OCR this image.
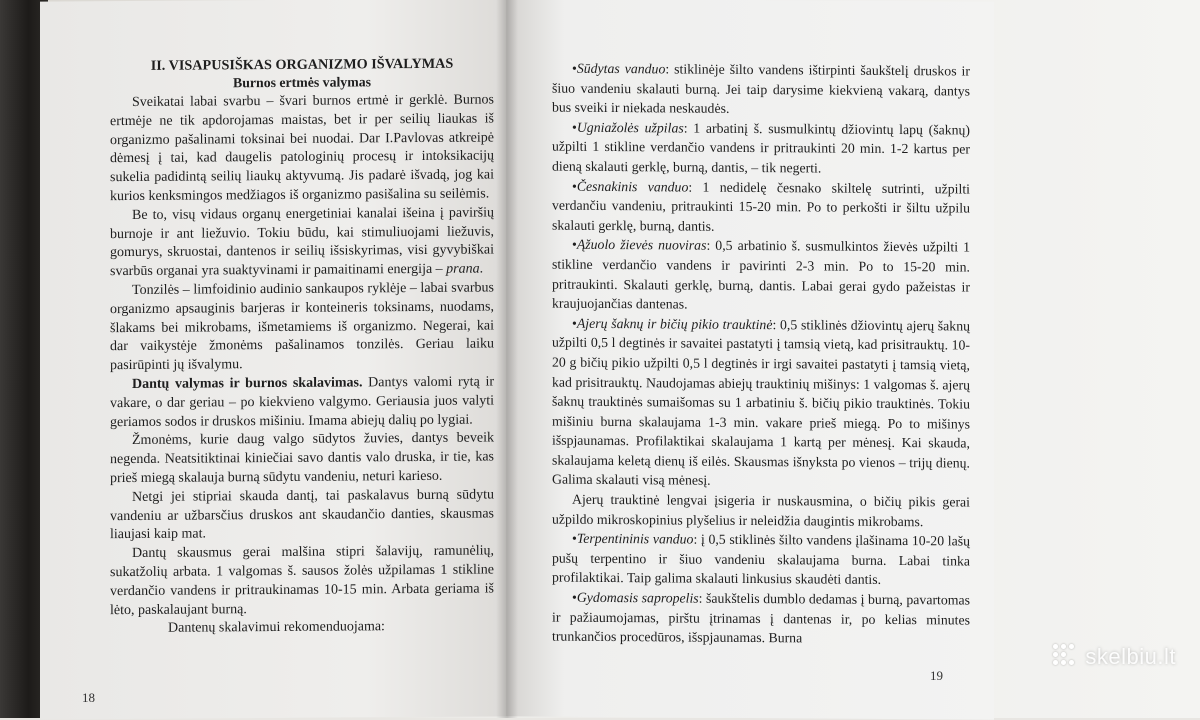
II. VISAPUSIŠKAS ORGANIZMO IŠVALYMAS

Burnos ertmės valymas

Sveikatai labai svarbu – švari burnos ertmė ir gerklė. Burnos ertmėje ne tik apdorojamas maistas, bet ir per seilių liaukas iš organizmo pašalinami toksinai bei nuodai. Dar I.Pavlovas atkreipė dėmesį į tai, kad daugelis patologinių procesų ir intoksikacijų sukelia padidintą seilių liaukų aktyvumą. Jis padarė išvadą, jog kai kurios kenksmingos medžiagos iš organizmo pasišalina su seilėmis.

Be to, visų vidaus organų energetiniai kanalai išeina į paviršių burnoje ir ant liežuvio. Tokiu būdu, kai stimuliuojami liežuvis, gomurys, skruostai, dantenos ir seilių išsiskyrimas, visi gyvybiškai svarbūs organai yra suaktyvinami ir pamaitinami energija – prana.

Tonzilės – limfoidinio audinio sankaupos ryklėje – labai svarbus organizmo apsauginis barjeras ir konteineris toksinams, nuodams, šlakams bei mikrobams, išmetamiems iš organizmo. Negerai, kai dar vaikystėje žmonėms pašalinamos tonzilės. Geriau laiku pasirūpinti jų išvalymu.

Dantų valymas ir burnos skalavimas. Dantys valomi rytą ir vakare, o dar geriau – po kiekvieno valgymo. Geriausia juos valyti geriamos sodos ir druskos mišiniu. Imama abiejų dalių po lygiai.

Žmonėms, kurie daug valgo sūdytos žuvies, dantys beveik negenda. Neatsitiktinai kiniečiai savo dantis valo druska, ir tie, kas prieš miegą skalauja burną sūdytu vandeniu, neturi karieso.

Netgi jei stipriai skauda dantį, tai paskalavus burną sūdytu vandeniu ar užbarsčius druskos ant skaudančio danties, skausmas liaujasi kaip mat.

Dantų skausmus gerai malšina stipri šalavijų, ramunėlių, sukatžolių arbata. 1 valgomas š. sausos žolės užpilamas 1 stikline verdančio vandens ir pritraukinamas 10-15 min. Arbata geriama iš lėto, paskalaujant burną.

Dantenų skalavimui rekomenduojama:

18

•Sūdytas vanduo: stiklinėje šilto vandens ištirpinti šaukštelį druskos ir šiuo vandeniu skalauti burną. Jei taip darysime kiekvieną vakarą, dantys bus sveiki ir niekada neskaudės.

•Ugniažolės užpilas: 1 arbatinį š. susmulkintų džiovintų lapų (šaknų) užpilti 1 stikline verdančio vandens ir pritraukinti 20 min. 1-2 kartus per dieną skalauti gerklę, burną, dantis, – tik negerti.

•Česnakinis vanduo: 1 nedidelę česnako skiltelę sutrinti, užpilti verdančiu vandeniu, pritraukinti 15-20 min. Po to perkošti ir šiltu užpilu skalauti gerklę, burną, dantis.

•Ąžuolo žievės nuoviras: 0,5 arbatinio š. susmulkintos žievės užpilti 1 stikline verdančio vandens ir pavirinti 2-3 min. Po to 15-20 min. pritraukinti. Skalauti gerklę, burną, dantis. Labai gerai gydo pažeistas ir kraujuojančias dantenas.

•Ajerų šaknų ir bičių pikio trauktinė: 0,5 stiklinės džiovintų ajerų šaknų užpilti 0,5 l degtinės ir savaitei pastatyti į tamsią vietą, kad prisitrauktų. 10-20 g bičių pikio užpilti 0,5 l degtinės ir irgi savaitei pastatyti į tamsią vietą, kad prisitrauktų. Naudojamas abiejų trauktinių mišinys: 1 valgomas š. ajerų šaknų trauktinės sumaišomas su 1 arbatiniu š. bičių pikio trauktinės. Tokiu mišiniu burna skalaujama 1-3 min. vakare prieš miegą. Po to mišinys išspjaunamas. Profilaktikai skalaujama 1 kartą per mėnesį. Kai skauda, skalaujama keletą dienų iš eilės. Skausmas išnyksta po vienos – trijų dienų. Galima skalauti visą mėnesį.

Ajerų trauktinė lengvai įsigeria ir nuskausmina, o bičių pikis gerai užpildo mikroskopinius plyšelius ir neleidžia daugintis mikrobams.

•Terpentininis vanduo: į 0,5 stiklinės šilto vandens įlašinama 10-20 lašų pušų terpentino ir šiuo vandeniu skalaujama burna. Labai tinka profilaktikai. Taip galima skalauti linkusius skaudėti dantis.

•Gydomasis sapropelis: šaukštelis dumblo dedamas į burną, pavartomas ir pažiaumojamas, pirštu įtrinamas į dantenas ir, po kelias minutes trunkančios procedūros, išspjaunamas. Burna

19
skelbiu.lt
